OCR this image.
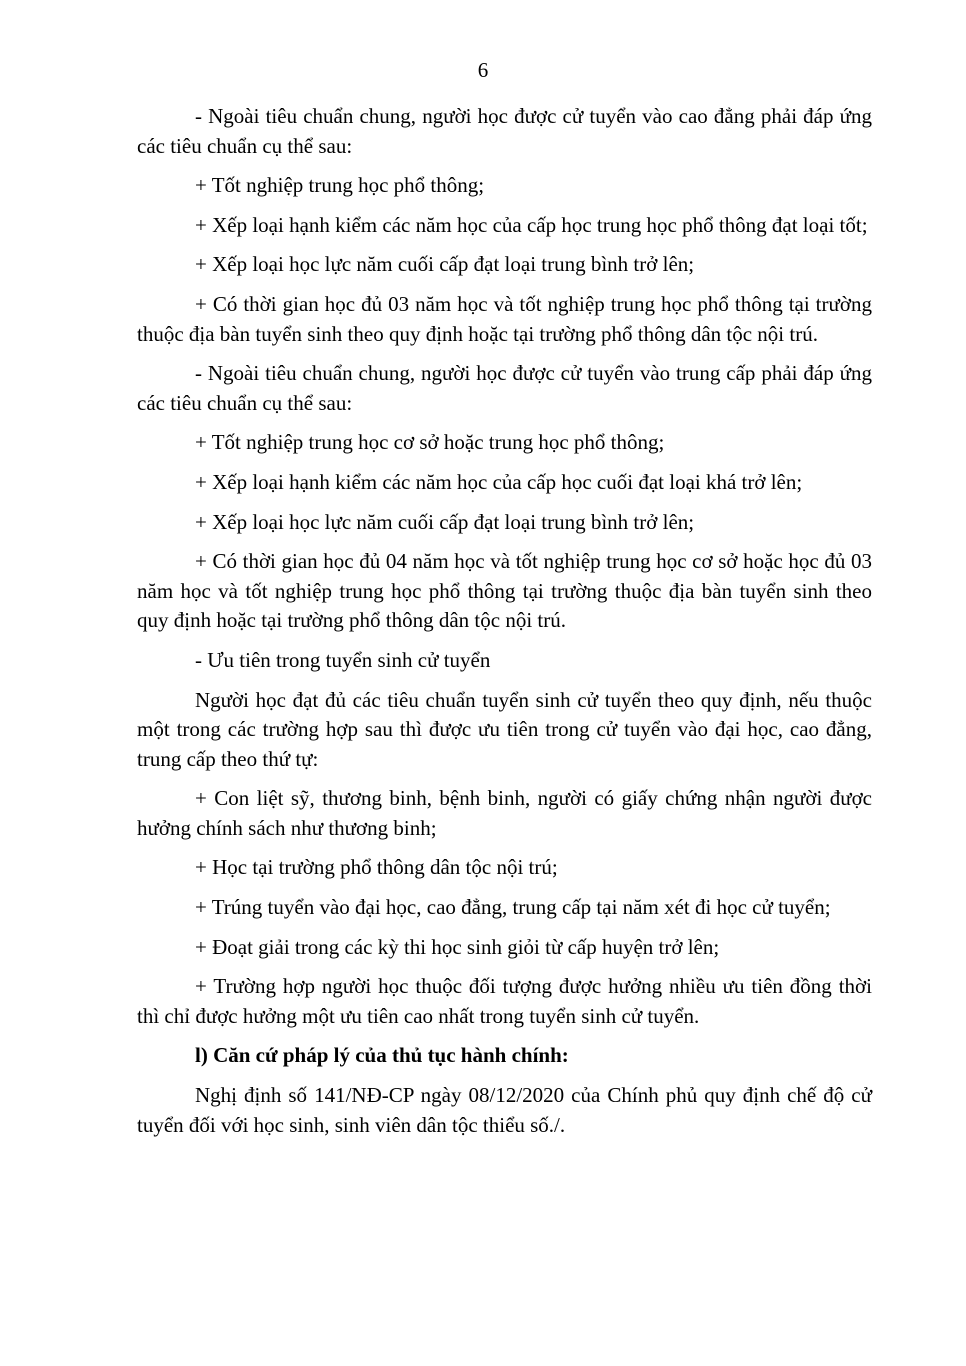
6

- Ngoài tiêu chuẩn chung, người học được cử tuyển vào cao đẳng phải đáp ứng các tiêu chuẩn cụ thể sau:

+ Tốt nghiệp trung học phổ thông;

+ Xếp loại hạnh kiểm các năm học của cấp học trung học phổ thông đạt loại tốt;

+ Xếp loại học lực năm cuối cấp đạt loại trung bình trở lên;

+ Có thời gian học đủ 03 năm học và tốt nghiệp trung học phổ thông tại trường thuộc địa bàn tuyển sinh theo quy định hoặc tại trường phổ thông dân tộc nội trú.

- Ngoài tiêu chuẩn chung, người học được cử tuyển vào trung cấp phải đáp ứng các tiêu chuẩn cụ thể sau:

+ Tốt nghiệp trung học cơ sở hoặc trung học phổ thông;

+ Xếp loại hạnh kiểm các năm học của cấp học cuối đạt loại khá trở lên;

+ Xếp loại học lực năm cuối cấp đạt loại trung bình trở lên;

+ Có thời gian học đủ 04 năm học và tốt nghiệp trung học cơ sở hoặc học đủ 03 năm học và tốt nghiệp trung học phổ thông tại trường thuộc địa bàn tuyển sinh theo quy định hoặc tại trường phổ thông dân tộc nội trú.

- Ưu tiên trong tuyển sinh cử tuyển

Người học đạt đủ các tiêu chuẩn tuyển sinh cử tuyển theo quy định, nếu thuộc một trong các trường hợp sau thì được ưu tiên trong cử tuyển vào đại học, cao đẳng, trung cấp theo thứ tự:

+ Con liệt sỹ, thương binh, bệnh binh, người có giấy chứng nhận người được hưởng chính sách như thương binh;

+ Học tại trường phổ thông dân tộc nội trú;

+ Trúng tuyển vào đại học, cao đẳng, trung cấp tại năm xét đi học cử tuyển;

+ Đoạt giải trong các kỳ thi học sinh giỏi từ cấp huyện trở lên;

+ Trường hợp người học thuộc đối tượng được hưởng nhiều ưu tiên đồng thời thì chỉ được hưởng một ưu tiên cao nhất trong tuyển sinh cử tuyển.

l) Căn cứ pháp lý của thủ tục hành chính:

Nghị định số 141/NĐ-CP ngày 08/12/2020 của Chính phủ quy định chế độ cử tuyển đối với học sinh, sinh viên dân tộc thiểu số./.
